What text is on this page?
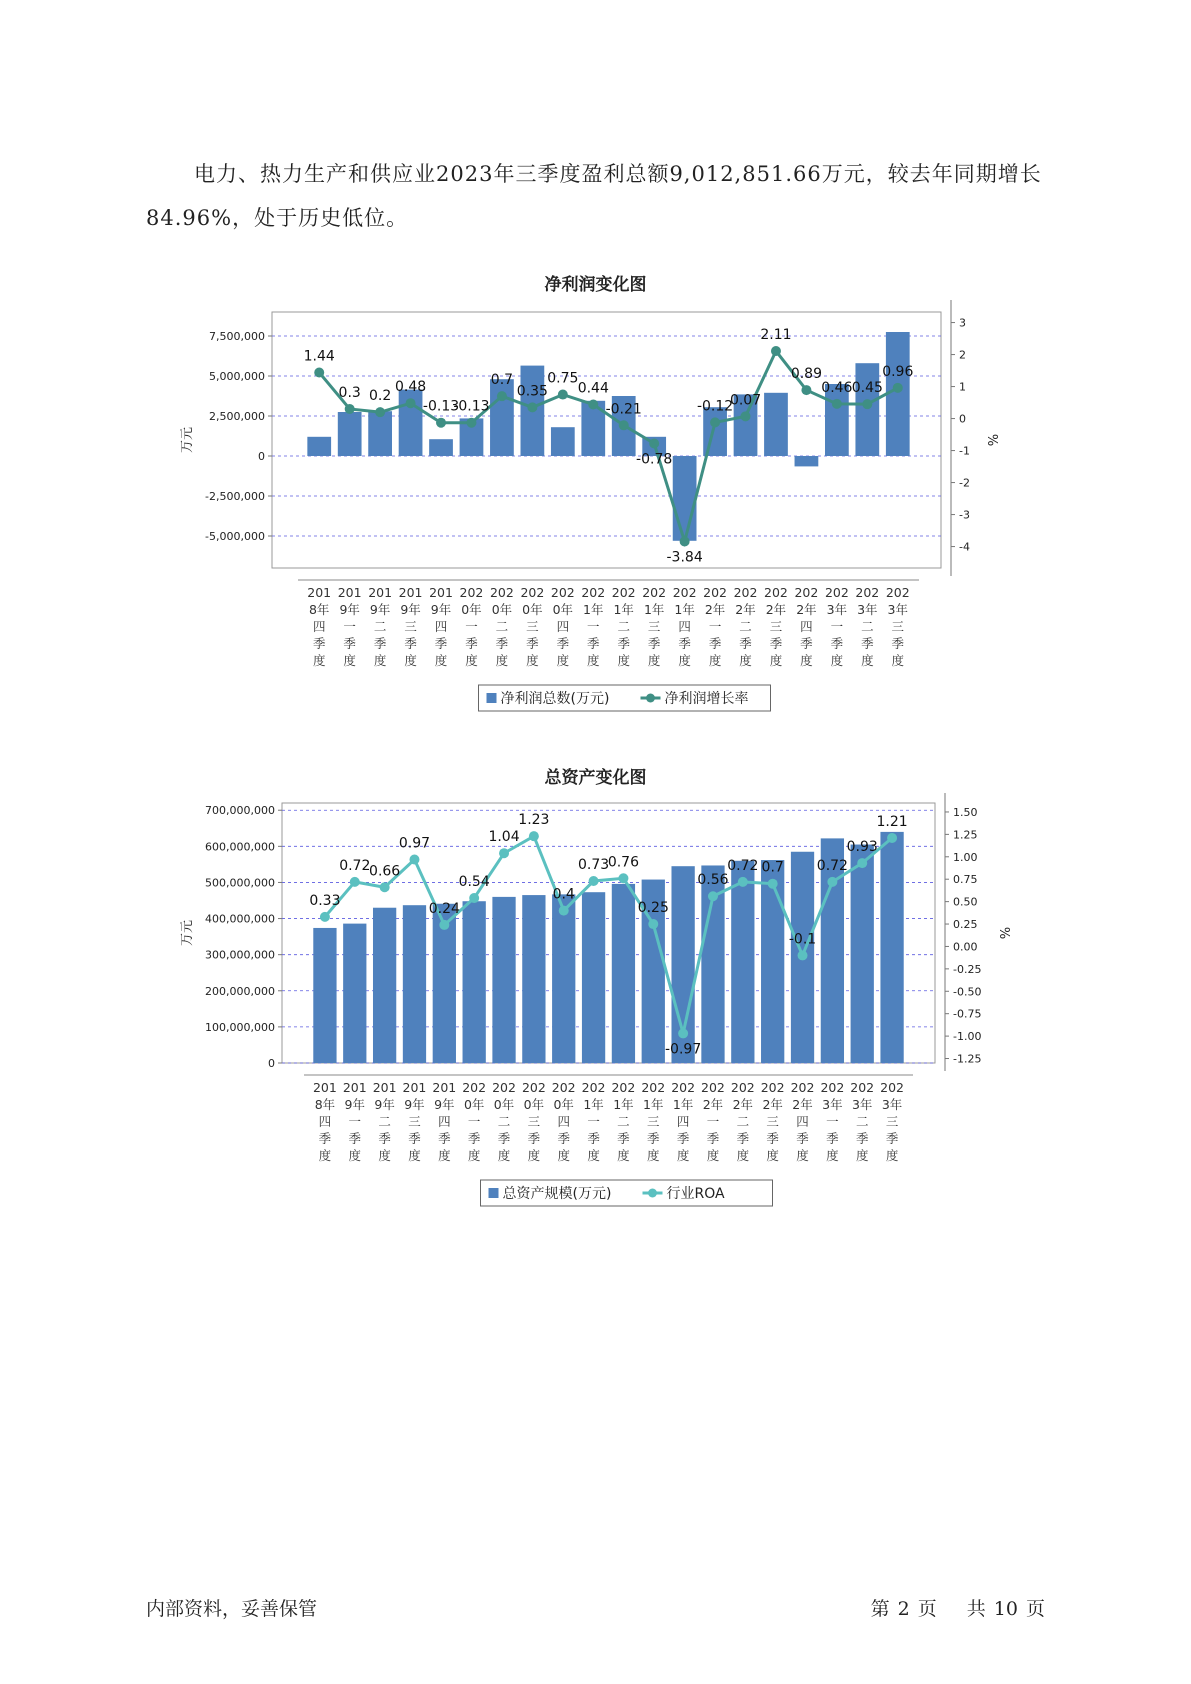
电力、热力生产和供应业2023年三季度盈利总额9,012,851.66万元，较去年同期增长84.96%，处于历史低位。

净利润变化图
-5,000,000
-2,500,000
0
2,500,000
5,000,000
7,500,000
-4
-3
-2
-1
0
1
2
3
万元	%
1.44
0.3 0.2
0.48
-0.13
-0.13
0.7
0.35
0.75
0.44
-0.21
-0.78
-3.84
-0.12
0.07
2.11
0.89
0.46 0.45
0.96
201
8年
四
季
度
201
9年
一
季
度
201
9年
二
季
度
201
9年
三
季
度
201
9年
四
季
度
202
0年
一
季
度
202
0年
二
季
度
202
0年
三
季
度
202
0年
四
季
度
202
1年
一
季
度
202
1年
二
季
度
202
1年
三
季
度
202
1年
四
季
度
202
2年
一
季
度
202
2年
二
季
度
202
2年
三
季
度
202
2年
四
季
度
202
3年
一
季
度
202
3年
二
季
度
202
3年
三
季
度
净利润总数(万元)	净利润增长率
总资产变化图
0
100,000,000
200,000,000
300,000,000
400,000,000
500,000,000
600,000,000
700,000,000
-1.25
-1.00
-0.75
-0.50
-0.25
0.00
0.25
0.50
0.75
1.00
1.25
1.50
万元	%
0.33
0.72
0.66
0.97
0.24
0.54
1.04
1.23
0.4
0.73
0.76
0.25
-0.97
0.56
0.72 0.7
-0.1
0.72
0.93
1.21
201
8年
四
季
度
201
9年
一
季
度
201
9年
二
季
度
201
9年
三
季
度
201
9年
四
季
度
202
0年
一
季
度
202
0年
二
季
度
202
0年
三
季
度
202
0年
四
季
度
202
1年
一
季
度
202
1年
二
季
度
202
1年
三
季
度
202
1年
四
季
度
202
2年
一
季
度
202
2年
二
季
度
202
2年
三
季
度
202
2年
四
季
度
202
3年
一
季
度
202
3年
二
季
度
202
3年
三
季
度
总资产规模(万元)	行业ROA
内部资料，妥善保管	第 2 页 共 10 页
